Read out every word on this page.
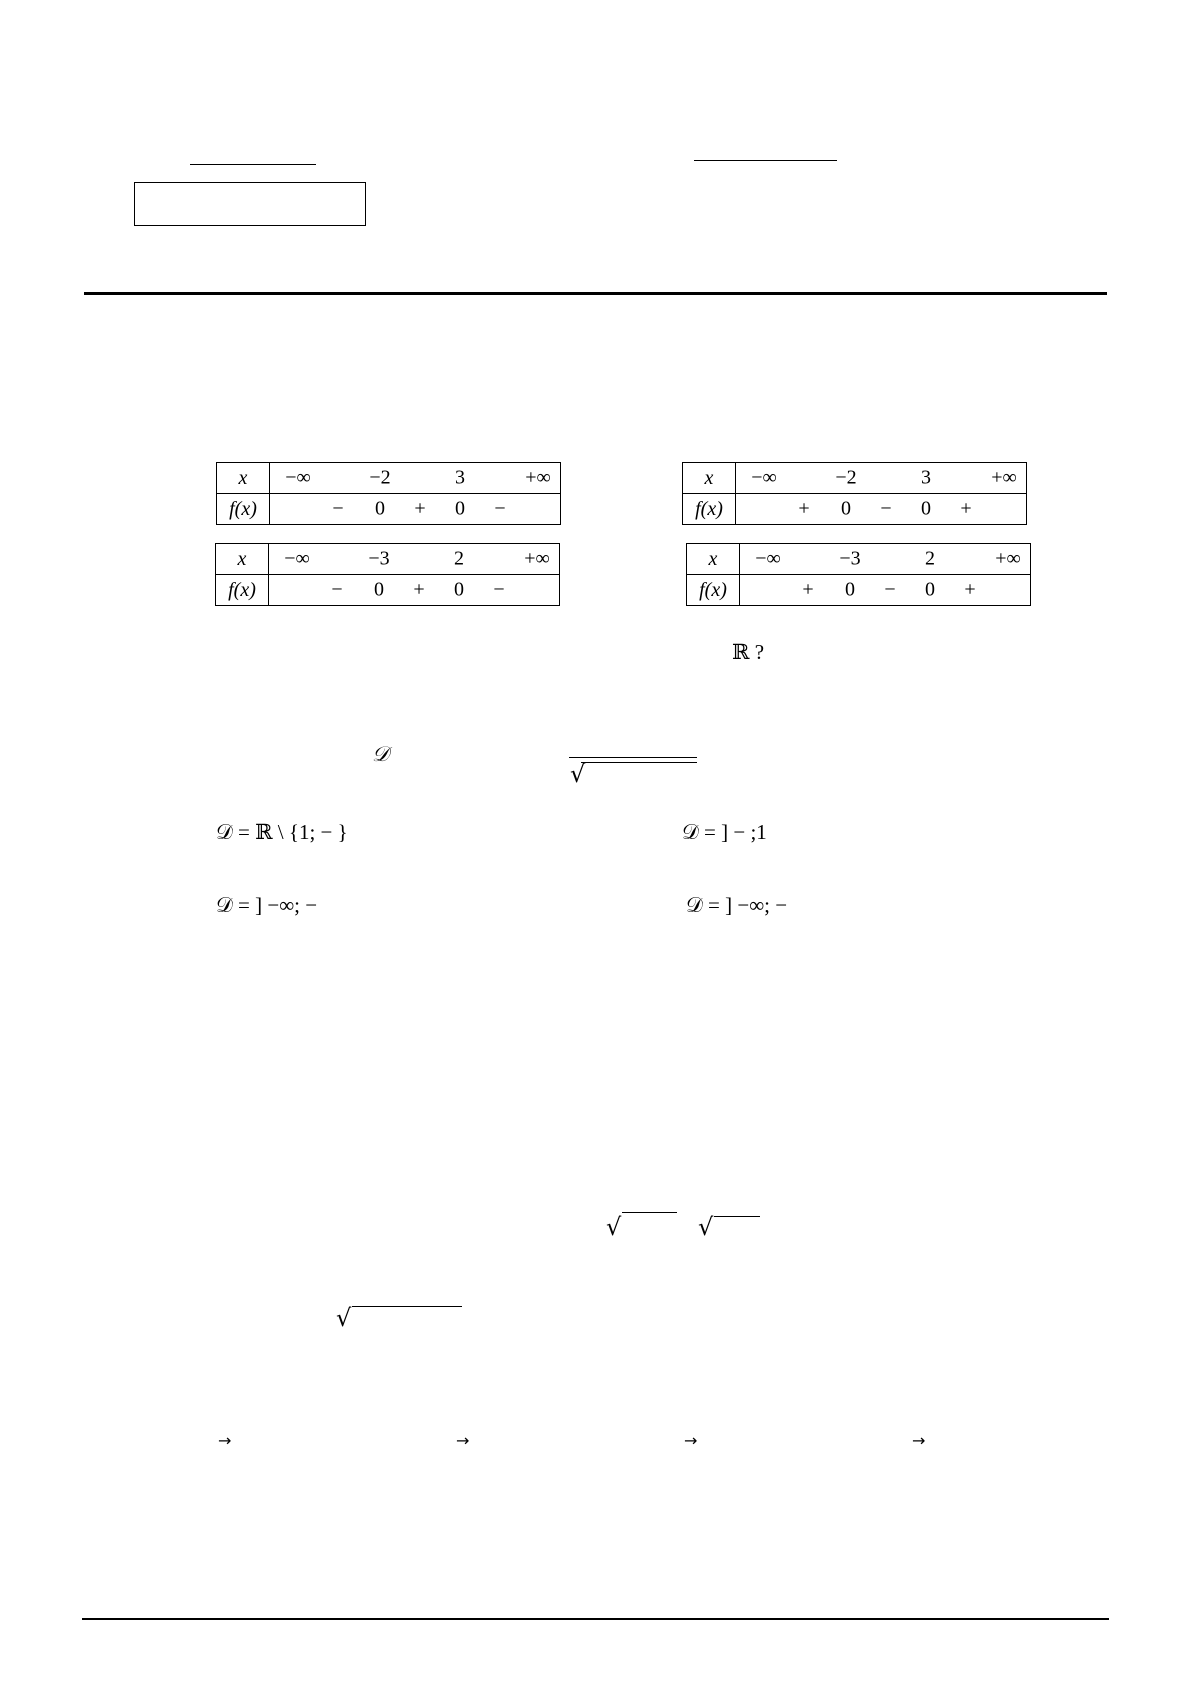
x	−∞ −2 3 +∞

f(x)	− 0 + 0 −
x	−∞ −2 3 +∞

f(x)	+ 0 − 0 +
x	−∞ −3 2 +∞

f(x)	− 0 + 0 −
x	−∞ −3 2 +∞

f(x)	+ 0 − 0 +
ℝ ?
𝒟
√
𝒟 = ℝ \ {1; − }	𝒟 = ] − ;1
𝒟 = ] −∞; −	𝒟 = ] −∞; −
√	√
√
→	→	→	→
